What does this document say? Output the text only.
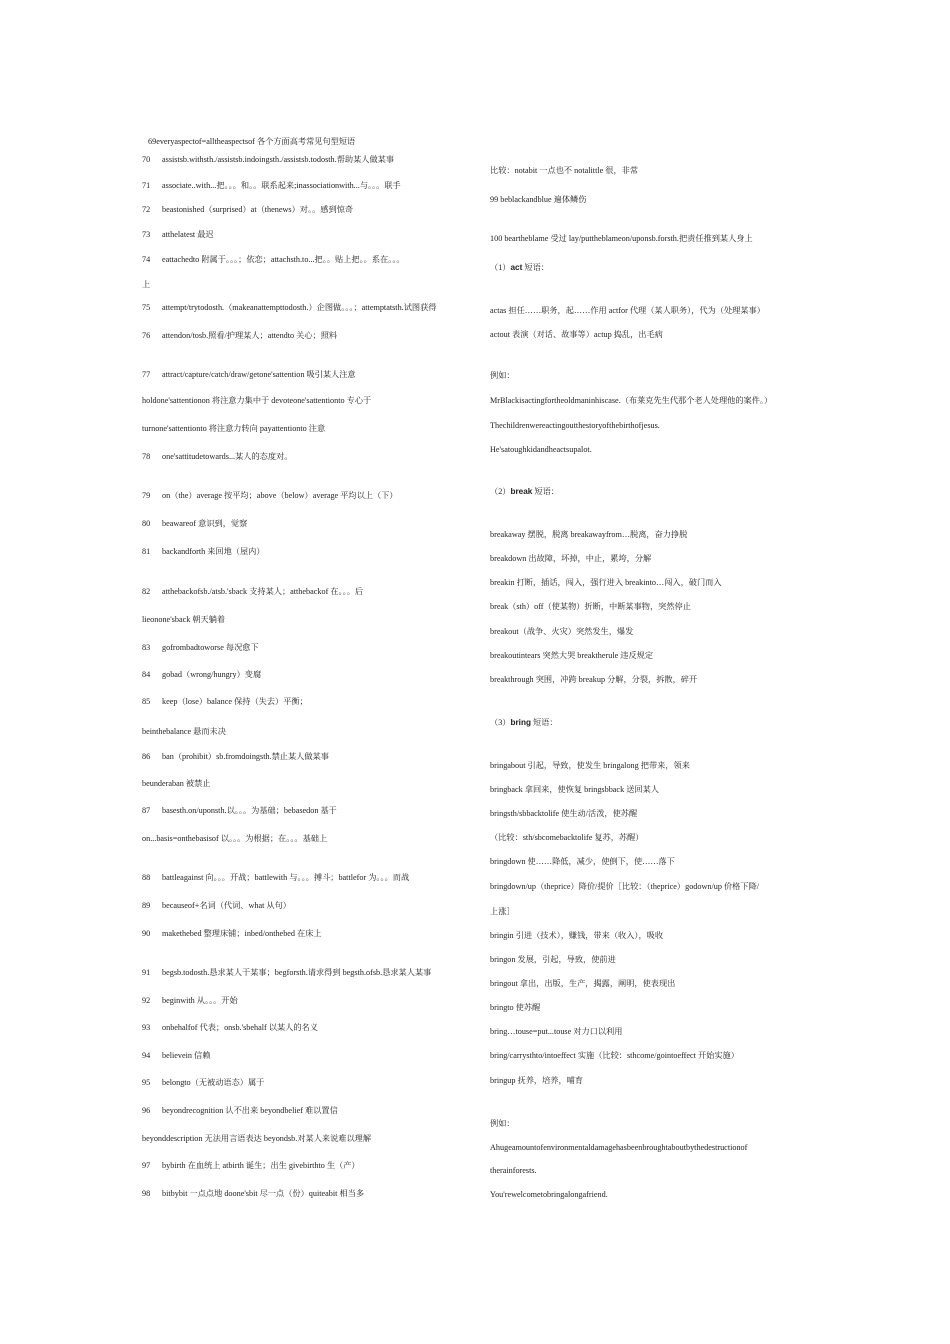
69everyaspectof=alltheaspectsof 各个方面高考常见句型短语
70 assistsb.withsth./assistsb.indoingsth./assistsb.todosth.帮助某人做某事
71 associate..with...把。。。和。。联系起来;inassociationwith...与。。。联手
72 beastonished（surprised）at（thenews）对。。感到惊奇
73 atthelatest 最迟
74 eattachedto 附属于。。。；依恋；attachsth.to...把。。贴上把。。系在。。。
上
75 attempt/trytodosth.（makeanattempttodosth.）企图做。。。；attemptatsth.试图获得
76 attendon/tosb.照看/护理某人；attendto 关心；照料
77 attract/capture/catch/draw/getone'sattention 吸引某人注意
holdone'sattentionon 将注意力集中于 devoteone'sattentionto 专心于
turnone'sattentionto 将注意力转向 payattentionto 注意
78 one'sattitudetowards...某人的态度对。
79 on（the）average 按平均；above（below）average 平均以上（下）
80 beawareof 意识到，觉察
81 backandforth 来回地（屋内）
82 atthebackofsb./atsb.'sback 支持某人；atthebackof 在。。。后
lieonone'sback 朝天躺着
83 gofrombadtoworse 每况愈下
84 gobad（wrong/hungry）变腐
85 keep（lose）balance 保持（失去）平衡；
beinthebalance 悬而未决
86 ban（prohibit）sb.fromdoingsth.禁止某人做某事
beunderaban 被禁止
87 basesth.on/uponsth.以。。。为基础；bebasedon 基于
on...basis=onthebasisof 以。。。为根据；在。。。基础上
88 battleagainst 向。。。开战；battlewith 与。。。搏斗；battlefor 为。。。而战
89 becauseof+名词（代词、what 从句）
90 makethebed 整理床铺；inbed/onthebed 在床上
91 begsb.todosth.恳求某人干某事；begforsth.请求得到 begsth.ofsb.恳求某人某事
92 beginwith 从。。。开始
93 onbehalfof 代表；onsb.'sbehalf 以某人的名义
94 believein 信赖
95 belongto（无被动语态）属于
96 beyondrecognition 认不出来 beyondbelief 难以置信
beyonddescription 无法用言语表达 beyondsb.对某人来说难以理解
97 bybirth 在血统上 atbirth 诞生；出生 givebirthto 生（产）
98 bitbybit 一点点地 doone'sbit 尽一点（份）quiteabit 相当多
比较：notabit 一点也不 notalittle 很，非常
99 beblackandblue 遍体鳞伤
100 beartheblame 受过 lay/puttheblameon/uponsb.forsth.把责任推到某人身上
（1）act 短语：
actas 担任……职务，起……作用 actfor 代理（某人职务），代为（处理某事）
actout 表演（对话、故事等）actup 捣乱，出毛病
例如：
MrBlackisactingfortheoldmaninhiscase.（布莱克先生代那个老人处理他的案件。）
Thechildrenwereactingoutthestoryofthebirthofjesus.
He'satoughkidandheactsupalot.
（2）break 短语：
breakaway 摆脱，脱离 breakawayfrom…脱离，奋力挣脱
breakdown 出故障，坏掉，中止，累垮，分解
breakin 打断，插话，闯入，强行进入 breakinto…闯入，破门而入
break（sth）off（使某物）折断，中断某事物，突然停止
breakout（战争、火灾）突然发生，爆发
breakoutintears 突然大哭 breaktherule 违反规定
breakthrough 突围，冲跨 breakup 分解，分裂，拆散，碎开
（3）bring 短语：
bringabout 引起，导致，使发生 bringalong 把带来，领来
bringback 拿回来，使恢复 bringsbback 送回某人
bringsth/sbbacktolife 使生动/活泼，使苏醒
（比较：sth/sbcomebacktolife 复苏，苏醒）
bringdown 使……降低，减少，使倒下，使……落下
bringdown/up（theprice）降价/提价［比较：（theprice）godown/up 价格下降/
上涨］
bringin 引进（技术），赚钱，带来（收入），吸收
bringon 发展，引起，导致，使前进
bringout 拿出，出版，生产，揭露，阐明，使表现出
bringto 使苏醒
bring…touse=put...touse 对力口以利用
bring/carrysthto/intoeffect 实施（比较：sthcome/gointoeffect 开始实施）
bringup 抚养，培养，哺育
例如：
Ahugeamountofenvironmentaldamagehasbeenbroughtaboutbythedestructionof
therainforests.
You'rewelcometobringalongafriend.
